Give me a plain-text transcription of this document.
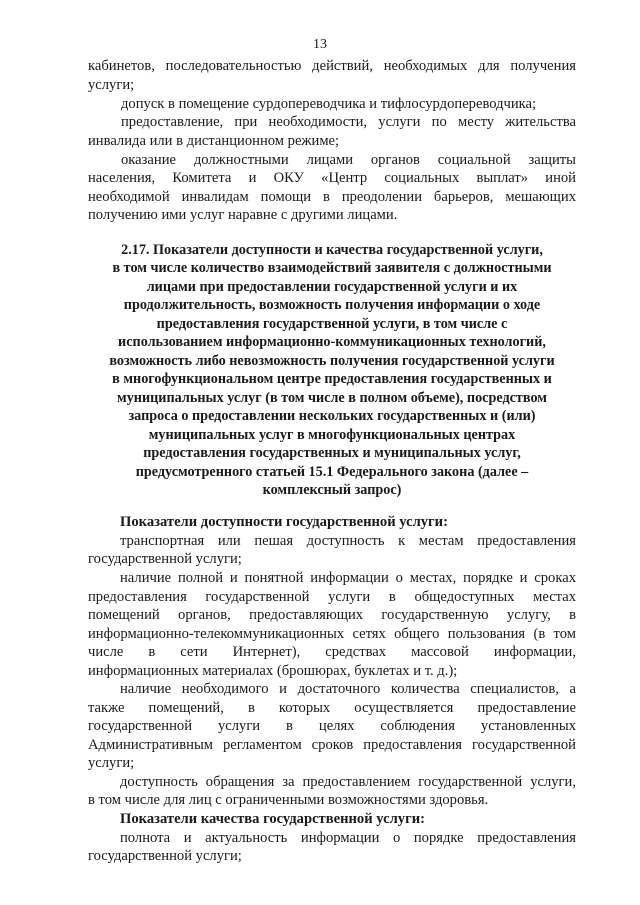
13

кабинетов, последовательностью действий, необходимых для получения

услуги;

допуск в помещение сурдопереводчика и тифлосурдопереводчика;

предоставление, при необходимости, услуги по месту жительства

инвалида или в дистанционном режиме;

оказание должностными лицами органов социальной защиты

населения, Комитета и ОКУ «Центр социальных выплат» иной

необходимой инвалидам помощи в преодолении барьеров, мешающих

получению ими услуг наравне с другими лицами.

2.17. Показатели доступности и качества государственной услуги,

в том числе количество взаимодействий заявителя с должностными

лицами при предоставлении государственной услуги и их

продолжительность, возможность получения информации о ходе

предоставления государственной услуги, в том числе с

использованием информационно-коммуникационных технологий,

возможность либо невозможность получения государственной услуги

в многофункциональном центре предоставления государственных и

муниципальных услуг (в том числе в полном объеме), посредством

запроса о предоставлении нескольких государственных и (или)

муниципальных услуг в многофункциональных центрах

предоставления государственных и муниципальных услуг,

предусмотренного статьей 15.1 Федерального закона (далее –

комплексный запрос)

Показатели доступности государственной услуги:

транспортная или пешая доступность к местам предоставления

государственной услуги;

наличие полной и понятной информации о местах, порядке и сроках

предоставления государственной услуги в общедоступных местах

помещений органов, предоставляющих государственную услугу, в

информационно-телекоммуникационных сетях общего пользования (в том

числе в сети Интернет), средствах массовой информации,

информационных материалах (брошюрах, буклетах и т. д.);

наличие необходимого и достаточного количества специалистов, а

также помещений, в которых осуществляется предоставление

государственной услуги в целях соблюдения установленных

Административным регламентом сроков предоставления государственной

услуги;

доступность обращения за предоставлением государственной услуги,

в том числе для лиц с ограниченными возможностями здоровья.

Показатели качества государственной услуги:

полнота и актуальность информации о порядке предоставления

государственной услуги;
